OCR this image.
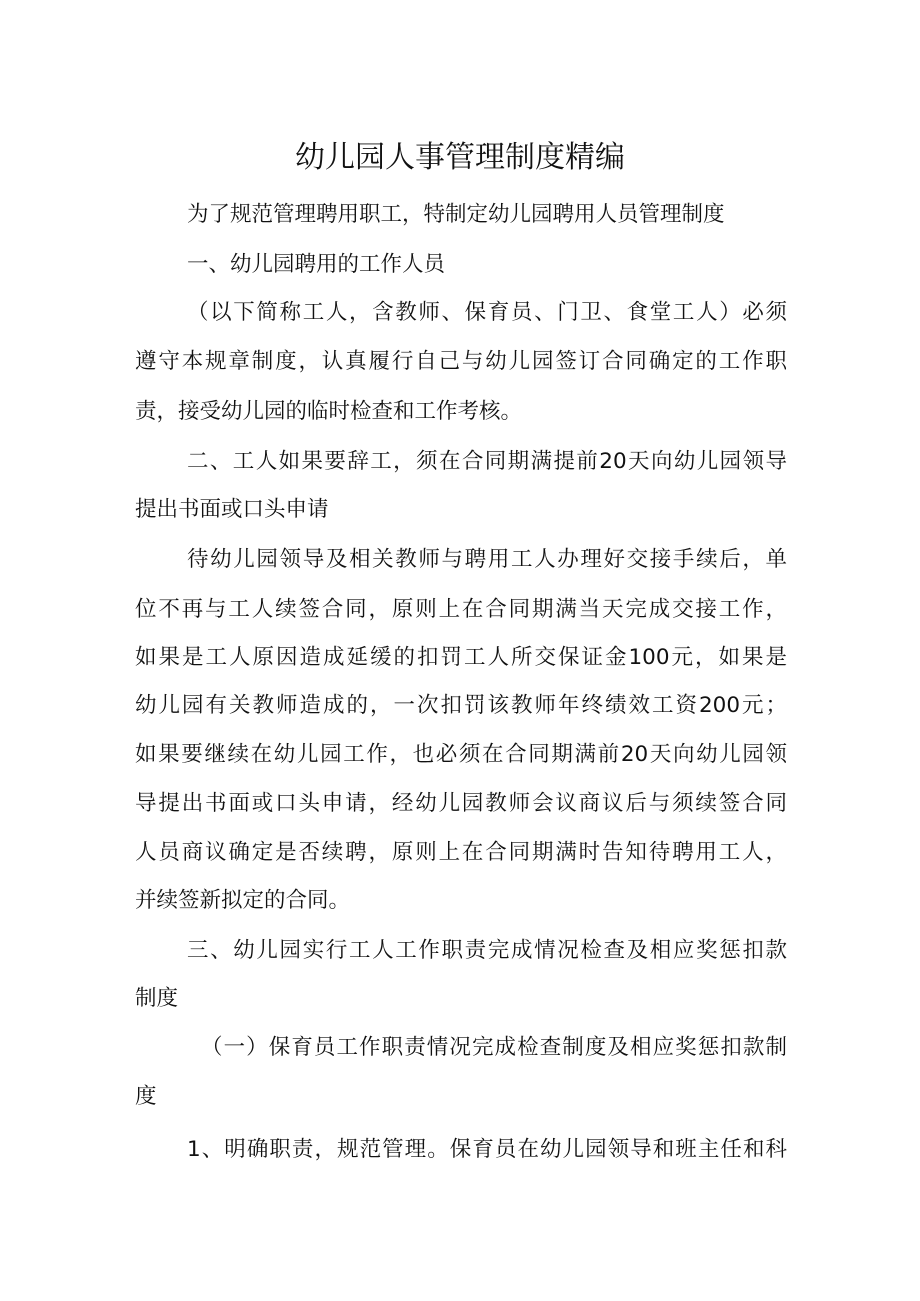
幼儿园人事管理制度精编

为了规范管理聘用职工，特制定幼儿园聘用人员管理制度

一、幼儿园聘用的工作人员

（以下简称工人，含教师、保育员、门卫、食堂工人）必须

遵守本规章制度，认真履行自己与幼儿园签订合同确定的工作职

责，接受幼儿园的临时检查和工作考核。

二、工人如果要辞工，须在合同期满提前20天向幼儿园领导

提出书面或口头申请

待幼儿园领导及相关教师与聘用工人办理好交接手续后，单

位不再与工人续签合同，原则上在合同期满当天完成交接工作，

如果是工人原因造成延缓的扣罚工人所交保证金100元，如果是

幼儿园有关教师造成的，一次扣罚该教师年终绩效工资200元；

如果要继续在幼儿园工作，也必须在合同期满前20天向幼儿园领

导提出书面或口头申请，经幼儿园教师会议商议后与须续签合同

人员商议确定是否续聘，原则上在合同期满时告知待聘用工人，

并续签新拟定的合同。

三、幼儿园实行工人工作职责完成情况检查及相应奖惩扣款

制度

（一）保育员工作职责情况完成检查制度及相应奖惩扣款制

度

1、明确职责，规范管理。保育员在幼儿园领导和班主任和科
